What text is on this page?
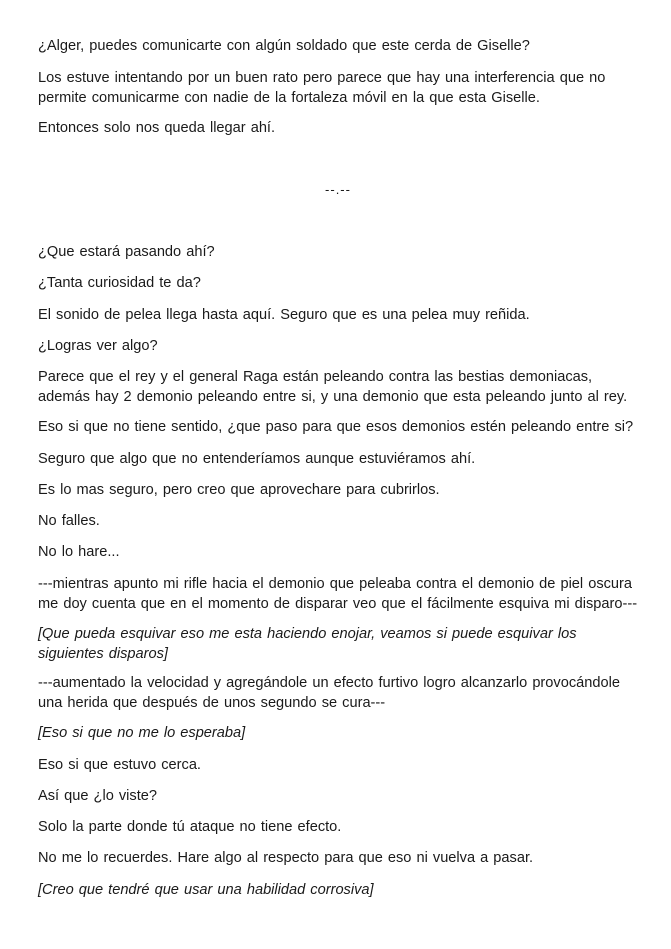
¿Alger, puedes comunicarte con algún soldado que este cerda de Giselle?

Los estuve intentando por un buen rato pero parece que hay una interferencia que no permite comunicarme con nadie de la fortaleza móvil en la que esta Giselle.

Entonces solo nos queda llegar ahí.

--.--

¿Que estará pasando ahí?

¿Tanta curiosidad te da?

El sonido de pelea llega hasta aquí. Seguro que es una pelea muy reñida.

¿Logras ver algo?

Parece que el rey y el general Raga están peleando contra las bestias demoniacas, además hay 2 demonio peleando entre si, y una demonio que esta peleando junto al rey.

Eso si que no tiene sentido, ¿que paso para que esos demonios estén peleando entre si?

Seguro que algo que no entenderíamos aunque estuviéramos ahí.

Es lo mas seguro, pero creo que aprovechare para cubrirlos.

No falles.

No lo hare...

---mientras apunto mi rifle hacia el demonio que peleaba contra el demonio de piel oscura me doy cuenta que en el momento de disparar veo que el fácilmente esquiva mi disparo---

[Que pueda esquivar eso me esta haciendo enojar, veamos si puede esquivar los siguientes disparos]

---aumentado la velocidad y agregándole un efecto furtivo logro alcanzarlo provocándole una herida que después de unos segundo se cura---

[Eso si que no me lo esperaba]

Eso si que estuvo cerca.

Así que ¿lo viste?

Solo la parte donde tú ataque no tiene efecto.

No me lo recuerdes. Hare algo al respecto para que eso ni vuelva a pasar.

[Creo que tendré que usar una habilidad corrosiva]
